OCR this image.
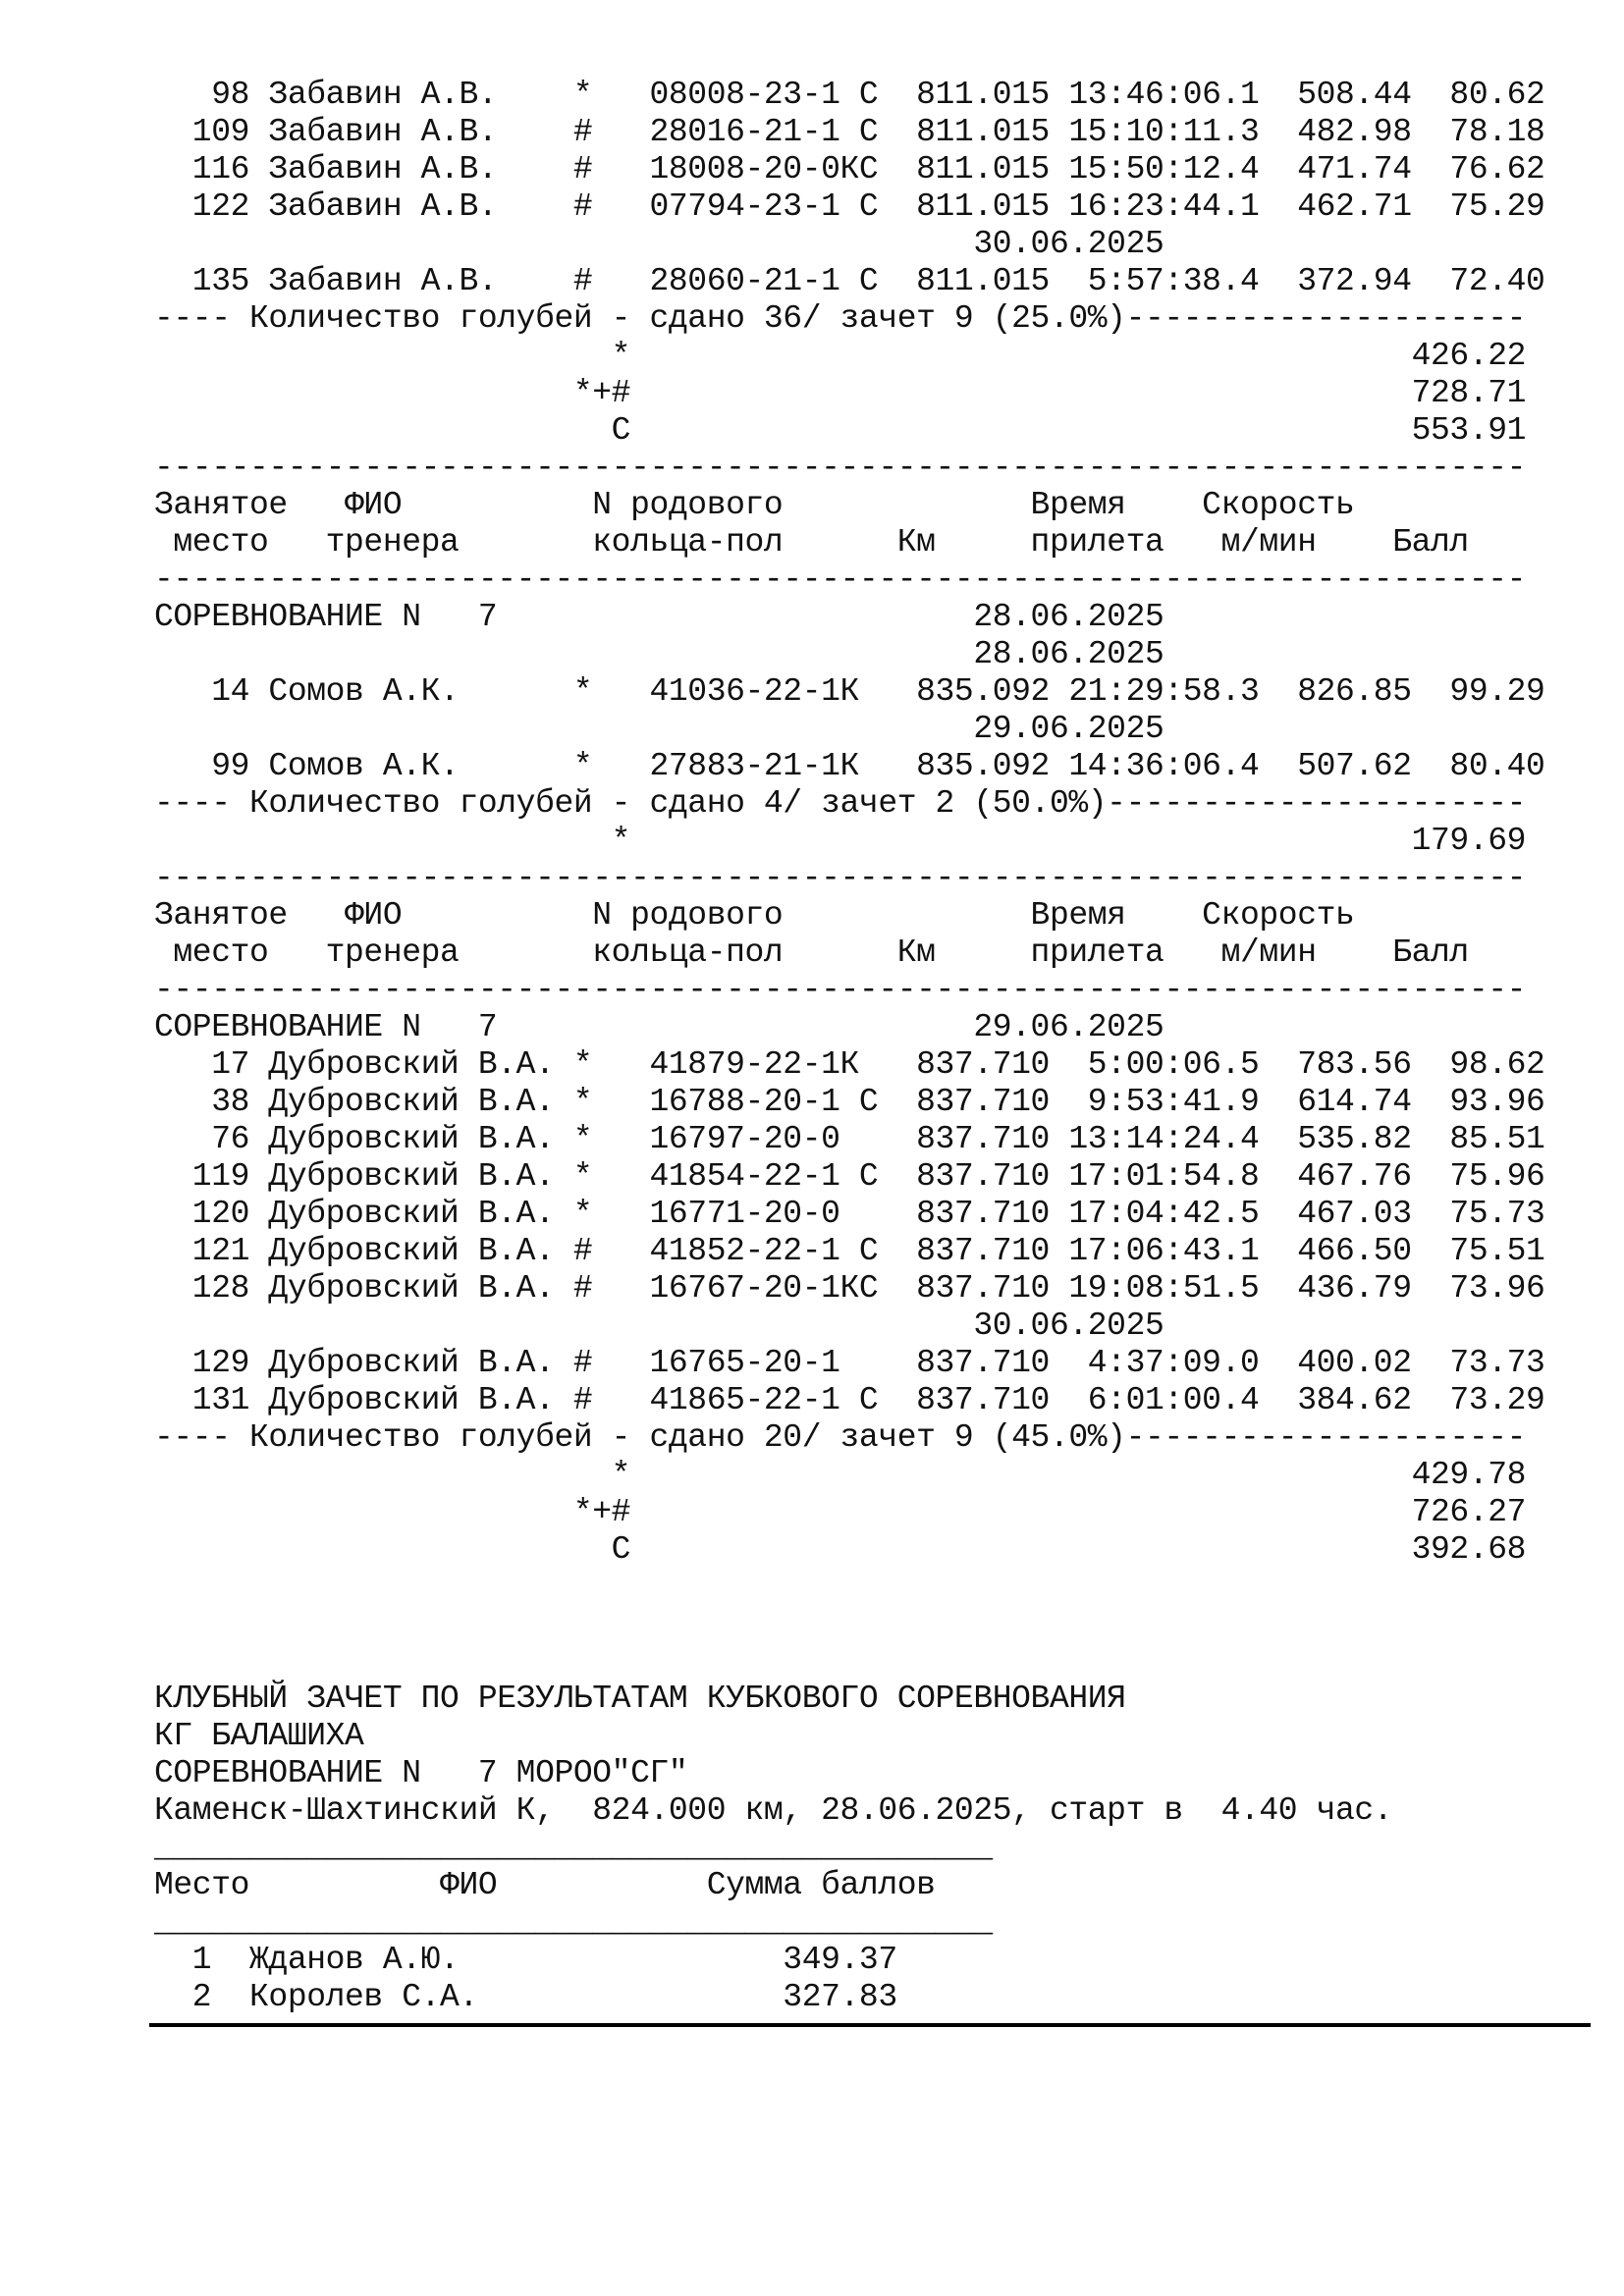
98 Забавин А.В.    *   08008-23-1 С  811.015 13:46:06.1  508.44  80.62
109 Забавин А.В.    #   28016-21-1 С  811.015 15:10:11.3  482.98  78.18
116 Забавин А.В.    #   18008-20-0КС  811.015 15:50:12.4  471.74  76.62
122 Забавин А.В.    #   07794-23-1 С  811.015 16:23:44.1  462.71  75.29
30.06.2025
135 Забавин А.В.    #   28060-21-1 С  811.015  5:57:38.4  372.94  72.40
---- Количество голубей - сдано 36/ зачет 9 (25.0%)---------------------
*                                         426.22
*+#                                         728.71
С                                         553.91
------------------------------------------------------------------------
Занятое   ФИО          N родового             Время    Скорость
место   тренера       кольца-пол      Км     прилета   м/мин    Балл
------------------------------------------------------------------------
СОРЕВНОВАНИЕ N   7                         28.06.2025
28.06.2025
14 Сомов А.К.      *   41036-22-1К   835.092 21:29:58.3  826.85  99.29
29.06.2025
99 Сомов А.К.      *   27883-21-1К   835.092 14:36:06.4  507.62  80.40
---- Количество голубей - сдано 4/ зачет 2 (50.0%)----------------------
*                                         179.69
------------------------------------------------------------------------
Занятое   ФИО          N родового             Время    Скорость
место   тренера       кольца-пол      Км     прилета   м/мин    Балл
------------------------------------------------------------------------
СОРЕВНОВАНИЕ N   7                         29.06.2025
17 Дубровский В.А. *   41879-22-1К   837.710  5:00:06.5  783.56  98.62
38 Дубровский В.А. *   16788-20-1 С  837.710  9:53:41.9  614.74  93.96
76 Дубровский В.А. *   16797-20-0    837.710 13:14:24.4  535.82  85.51
119 Дубровский В.А. *   41854-22-1 С  837.710 17:01:54.8  467.76  75.96
120 Дубровский В.А. *   16771-20-0    837.710 17:04:42.5  467.03  75.73
121 Дубровский В.А. #   41852-22-1 С  837.710 17:06:43.1  466.50  75.51
128 Дубровский В.А. #   16767-20-1КС  837.710 19:08:51.5  436.79  73.96
30.06.2025
129 Дубровский В.А. #   16765-20-1    837.710  4:37:09.0  400.02  73.73
131 Дубровский В.А. #   41865-22-1 С  837.710  6:01:00.4  384.62  73.29
---- Количество голубей - сдано 20/ зачет 9 (45.0%)---------------------
*                                         429.78
*+#                                         726.27
С                                         392.68
КЛУБНЫЙ ЗАЧЕТ ПО РЕЗУЛЬТАТАМ КУБКОВОГО СОРЕВНОВАНИЯ
КГ БАЛАШИХА
СОРЕВНОВАНИЕ N   7 МОРОО"СГ"
Каменск-Шахтинский К,  824.000 км, 28.06.2025, старт в  4.40 час.
____________________________________________
Место          ФИО           Сумма баллов
____________________________________________
1  Жданов А.Ю.                 349.37
2  Королев С.А.                327.83
